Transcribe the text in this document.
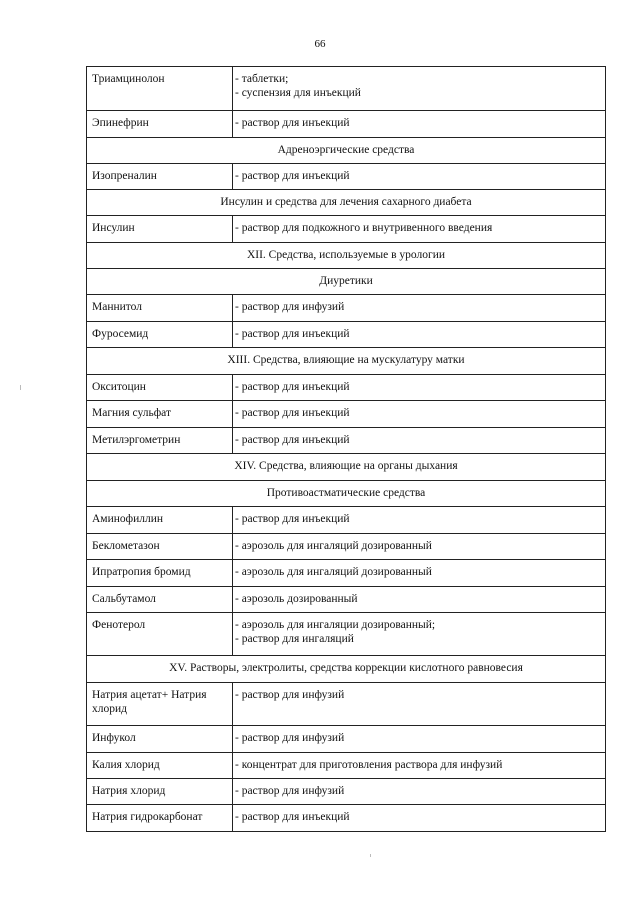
66
Триамцинолон	- таблетки;
- суспензия для инъекций

Эпинефрин	- раствор для инъекций

Адреноэргические средства	
Изопреналин	- раствор для инъекций

Инсулин и средства для лечения сахарного диабета	
Инсулин	- раствор для подкожного и внутривенного введения

XII. Средства, используемые в урологии	
Диуретики	
Маннитол	- раствор для инфузий

Фуросемид	- раствор для инъекций

XIII. Средства, влияющие на мускулатуру матки	
Окситоцин	- раствор для инъекций

Магния сульфат	- раствор для инъекций

Метилэргометрин	- раствор для инъекций

XIV. Средства, влияющие на органы дыхания	
Противоастматические средства	
Аминофиллин	- раствор для инъекций

Беклометазон	- аэрозоль для ингаляций дозированный

Ипратропия бромид	- аэрозоль для ингаляций дозированный

Сальбутамол	- аэрозоль дозированный

Фенотерол	- аэрозоль для ингаляции дозированный;
- раствор для ингаляций

XV. Растворы, электролиты, средства коррекции кислотного равновесия	
Натрия ацетат+ Натрия хлорид	- раствор для инфузий

Инфукол	- раствор для инфузий

Калия хлорид	- концентрат для приготовления раствора для инфузий

Натрия хлорид	- раствор для инфузий

Натрия гидрокарбонат	- раствор для инъекций
